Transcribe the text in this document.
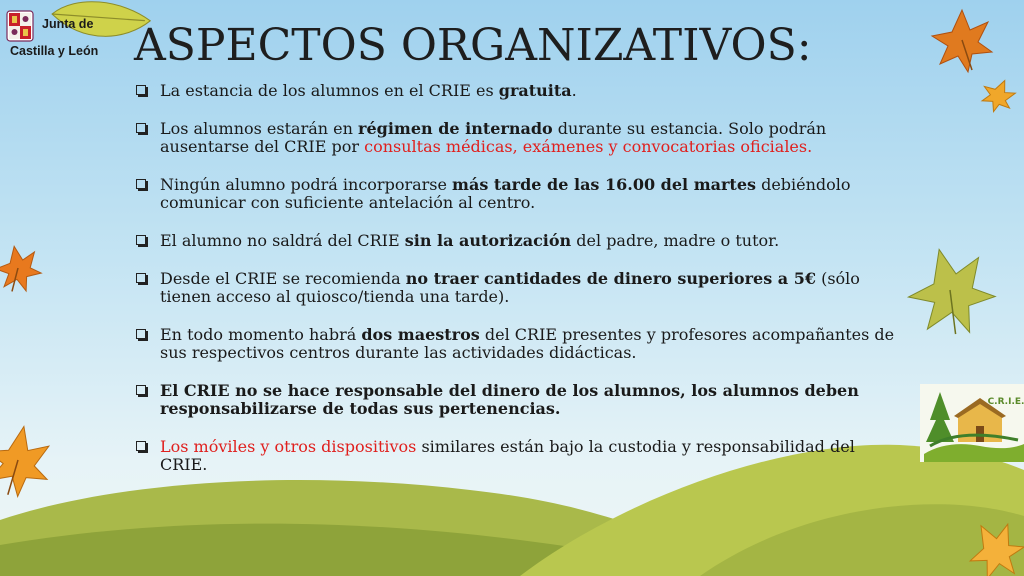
Junta de
Castilla y León ASPECTOS ORGANIZATIVOS:

La estancia de los alumnos en el CRIE es gratuita.

Los alumnos estarán en régimen de internado durante su estancia. Solo podrán ausentarse del CRIE por consultas médicas, exámenes y convocatorias oficiales.

Ningún alumno podrá incorporarse más tarde de las 16.00 del martes debiéndolo comunicar con suficiente antelación al centro.

El alumno no saldrá del CRIE sin la autorización del padre, madre o tutor.

Desde el CRIE se recomienda no traer cantidades de dinero superiores a 5€ (sólo tienen acceso al quiosco/tienda una tarde).

En todo momento habrá dos maestros del CRIE presentes y profesores acompañantes de sus respectivos centros durante las actividades didácticas.

El CRIE no se hace responsable del dinero de los alumnos, los alumnos deben responsabilizarse de todas sus pertenencias.

Los móviles y otros dispositivos similares están bajo la custodia y responsabilidad del CRIE.

C.R.I.E.
